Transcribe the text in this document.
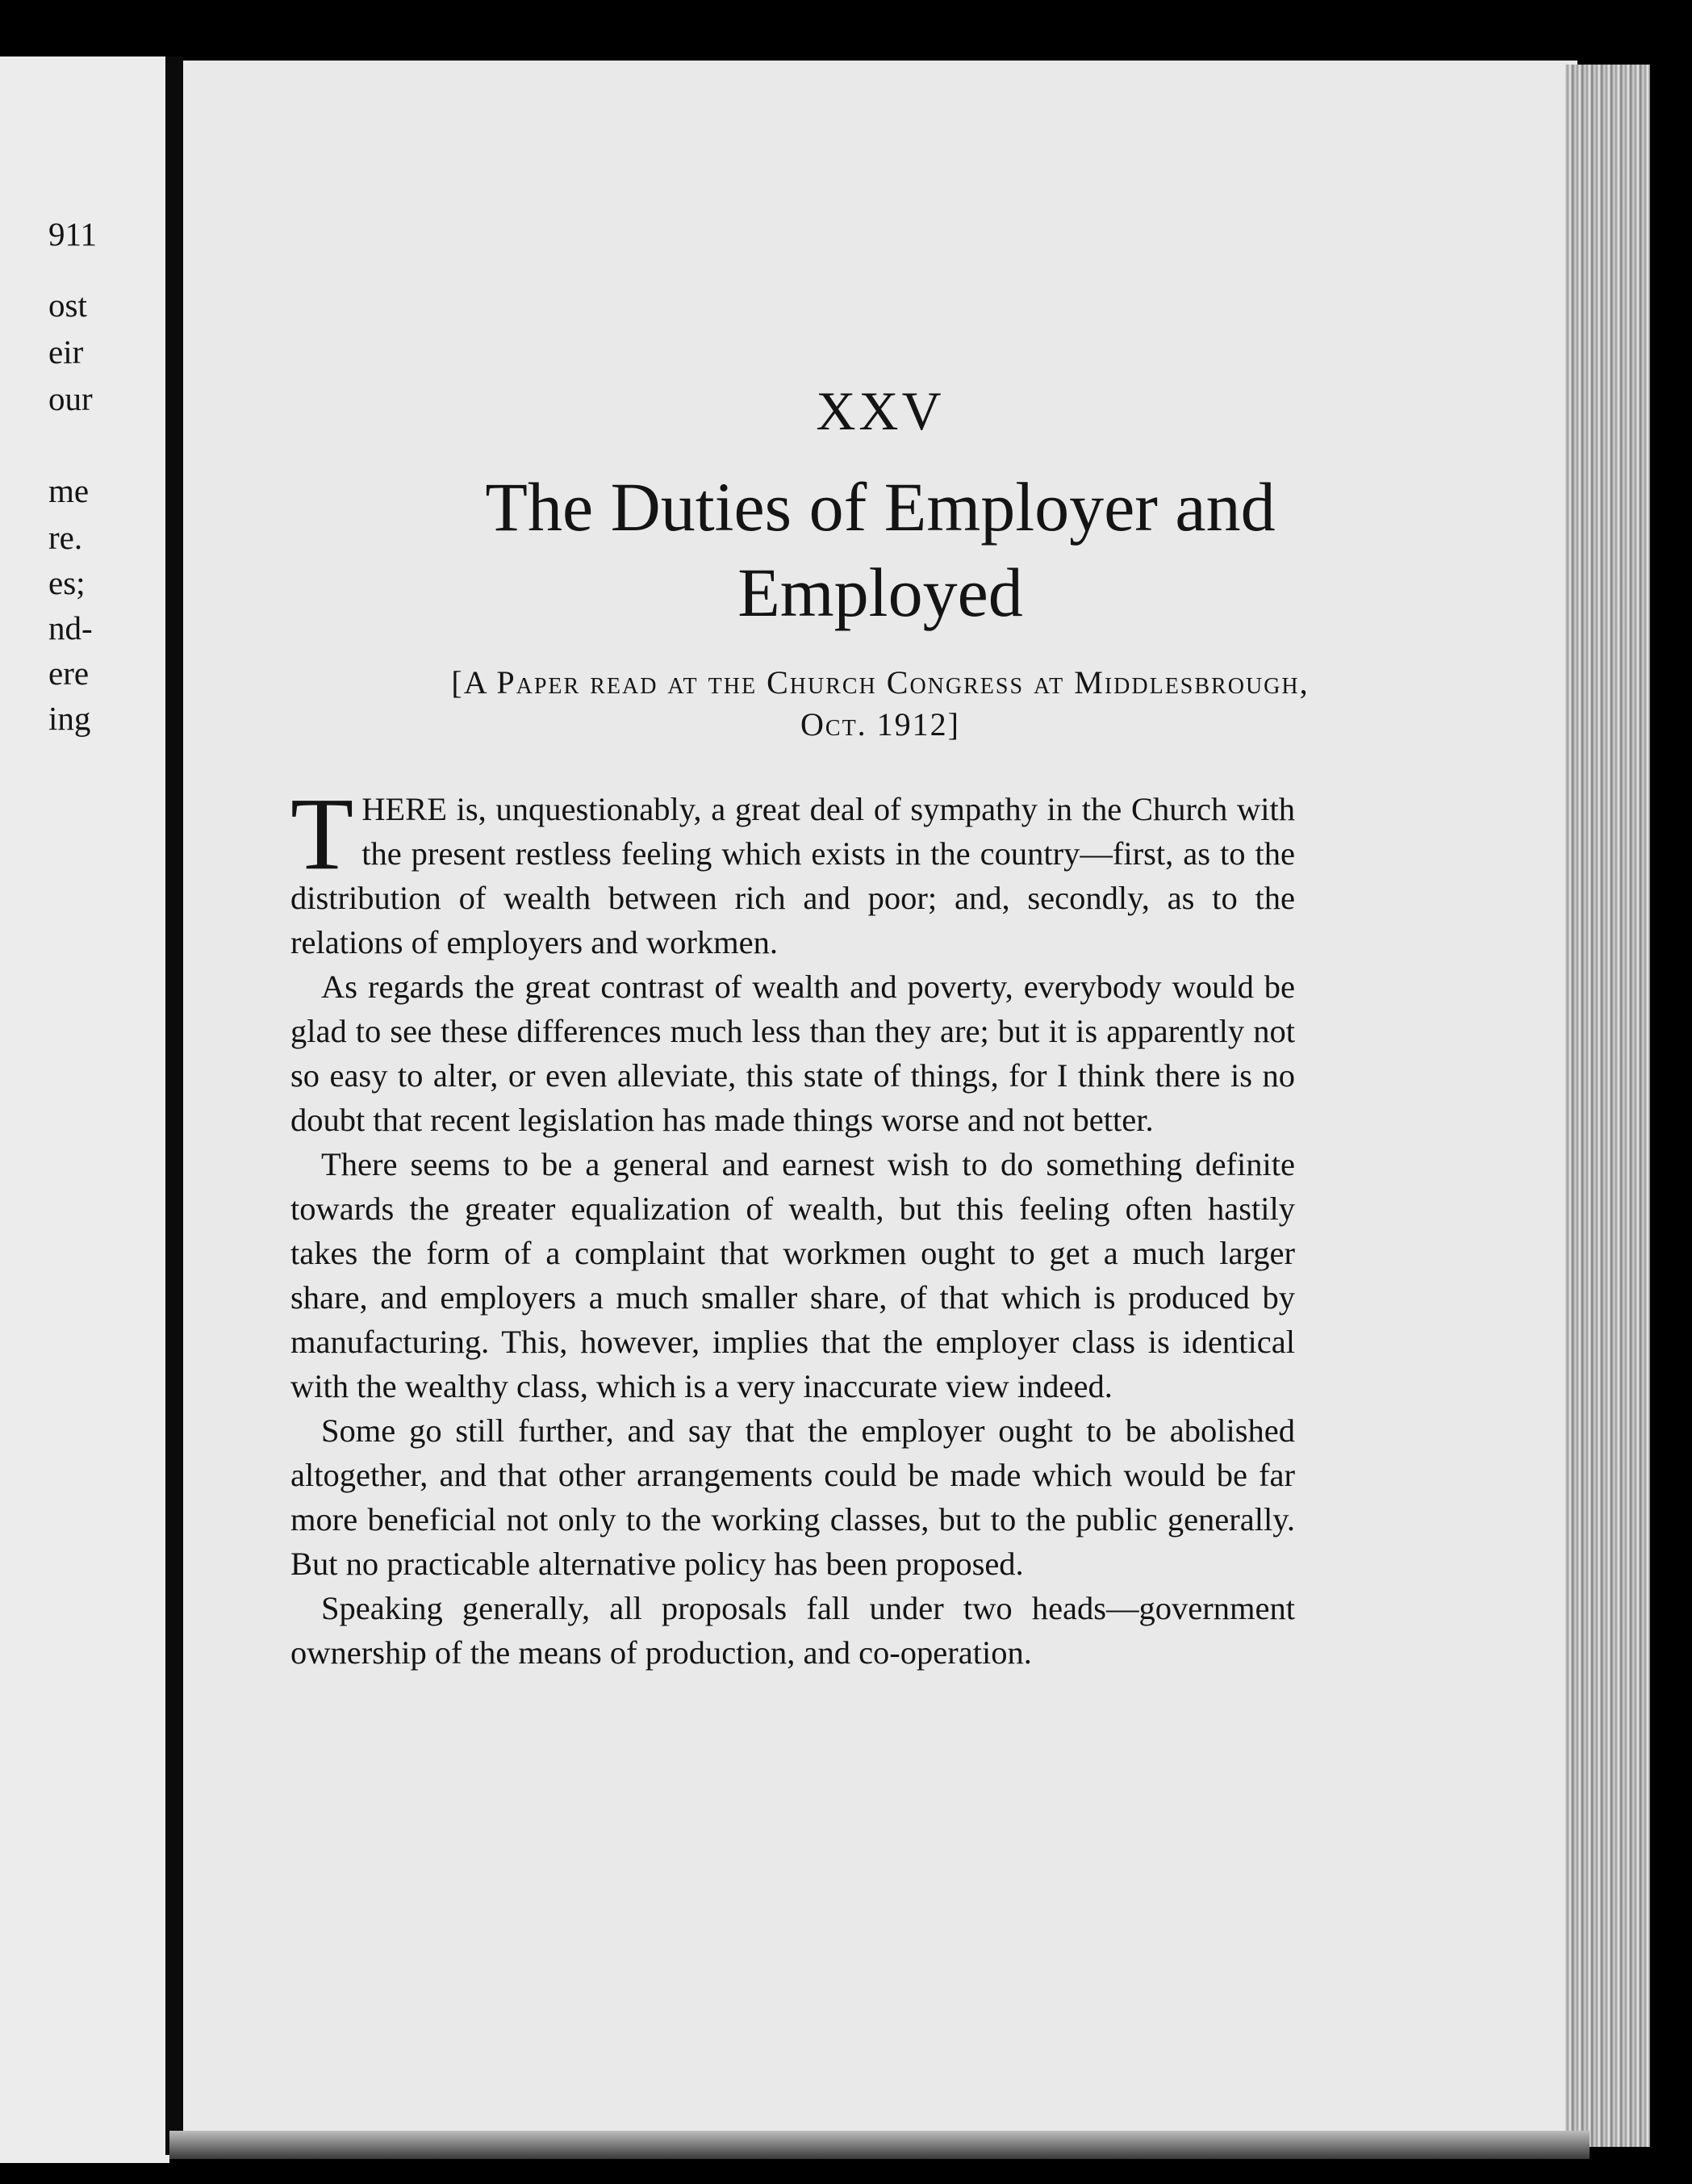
911
ost
eir
our
me
re.
es;
nd-
ere
ing
XXV
The Duties of Employer and
Employed
[A Paper read at the Church Congress at Middlesbrough,
Oct. 1912]

THERE is, unquestionably, a great deal of sympathy in the Church with the present restless feeling which exists in the country—first, as to the distribution of wealth between rich and poor; and, secondly, as to the relations of employers and workmen.

As regards the great contrast of wealth and poverty, everybody would be glad to see these differences much less than they are; but it is apparently not so easy to alter, or even alleviate, this state of things, for I think there is no doubt that recent legislation has made things worse and not better.

There seems to be a general and earnest wish to do something definite towards the greater equalization of wealth, but this feeling often hastily takes the form of a complaint that workmen ought to get a much larger share, and employers a much smaller share, of that which is produced by manufacturing. This, however, implies that the employer class is identical with the wealthy class, which is a very inaccurate view indeed.

Some go still further, and say that the employer ought to be abolished altogether, and that other arrangements could be made which would be far more beneficial not only to the working classes, but to the public generally. But no practicable alternative policy has been proposed.

Speaking generally, all proposals fall under two heads—government ownership of the means of production, and co-operation.
